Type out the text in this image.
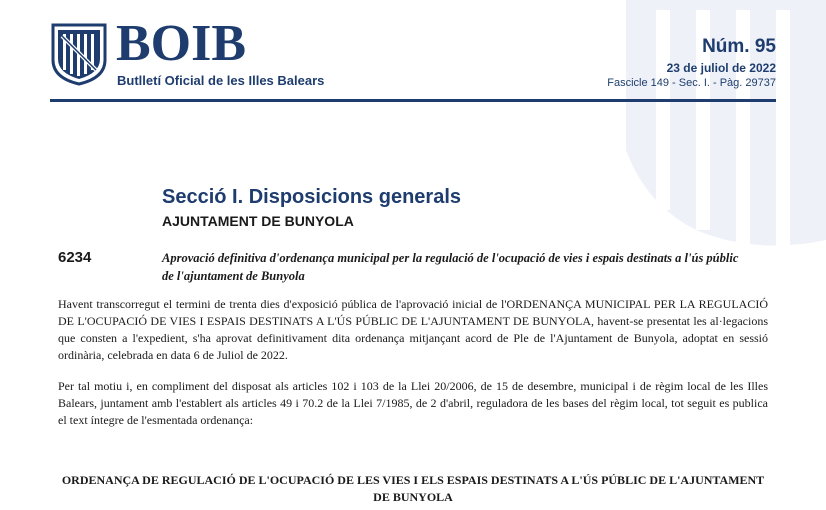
BOIB
Butlletí Oficial de les Illes Balears
Núm. 95
23 de juliol de 2022
Fascicle 149 - Sec. I. - Pàg. 29737
Secció I. Disposicions generals
AJUNTAMENT DE BUNYOLA
6234	Aprovació definitiva d'ordenança municipal per la regulació de l'ocupació de vies i espais destinats a l'ús públic de l'ajuntament de Bunyola
Havent transcorregut el termini de trenta dies d'exposició pública de l'aprovació inicial de l'ORDENANÇA MUNICIPAL PER LA REGULACIÓ DE L'OCUPACIÓ DE VIES I ESPAIS DESTINATS A L'ÚS PÚBLIC DE L'AJUNTAMENT DE BUNYOLA, havent-se presentat les al·legacions que consten a l'expedient, s'ha aprovat definitivament dita ordenança mitjançant acord de Ple de l'Ajuntament de Bunyola, adoptat en sessió ordinària, celebrada en data 6 de Juliol de 2022.
Per tal motiu i, en compliment del disposat als articles 102 i 103 de la Llei 20/2006, de 15 de desembre, municipal i de règim local de les Illes Balears, juntament amb l'establert als articles 49 i 70.2 de la Llei 7/1985, de 2 d'abril, reguladora de les bases del règim local, tot seguit es publica el text íntegre de l'esmentada ordenança:
ORDENANÇA DE REGULACIÓ DE L'OCUPACIÓ DE LES VIES I ELS ESPAIS DESTINATS A L'ÚS PÚBLIC DE L'AJUNTAMENT DE BUNYOLA
